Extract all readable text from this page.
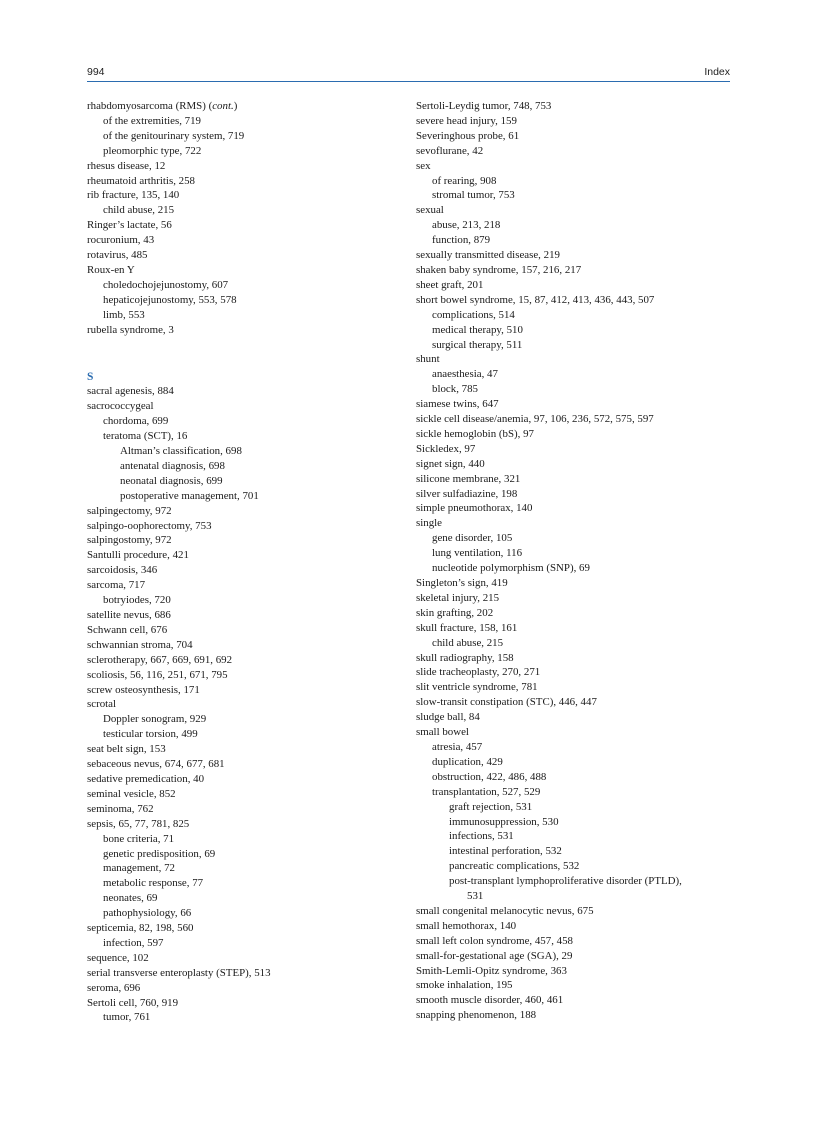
994	Index
rhabdomyosarcoma (RMS) (cont.)
of the extremities, 719
of the genitourinary system, 719
pleomorphic type, 722
rhesus disease, 12
rheumatoid arthritis, 258
rib fracture, 135, 140
child abuse, 215
Ringer’s lactate, 56
rocuronium, 43
rotavirus, 485
Roux-en Y
choledochojejunostomy, 607
hepaticojejunostomy, 553, 578
limb, 553
rubella syndrome, 3
S
sacral agenesis, 884
sacrococcygeal
chordoma, 699
teratoma (SCT), 16
Altman’s classification, 698
antenatal diagnosis, 698
neonatal diagnosis, 699
postoperative management, 701
salpingectomy, 972
salpingo-oophorectomy, 753
salpingostomy, 972
Santulli procedure, 421
sarcoidosis, 346
sarcoma, 717
botryiodes, 720
satellite nevus, 686
Schwann cell, 676
schwannian stroma, 704
sclerotherapy, 667, 669, 691, 692
scoliosis, 56, 116, 251, 671, 795
screw osteosynthesis, 171
scrotal
Doppler sonogram, 929
testicular torsion, 499
seat belt sign, 153
sebaceous nevus, 674, 677, 681
sedative premedication, 40
seminal vesicle, 852
seminoma, 762
sepsis, 65, 77, 781, 825
bone criteria, 71
genetic predisposition, 69
management, 72
metabolic response, 77
neonates, 69
pathophysiology, 66
septicemia, 82, 198, 560
infection, 597
sequence, 102
serial transverse enteroplasty (STEP), 513
seroma, 696
Sertoli cell, 760, 919
tumor, 761
Sertoli-Leydig tumor, 748, 753
severe head injury, 159
Severinghous probe, 61
sevoflurane, 42
sex
of rearing, 908
stromal tumor, 753
sexual
abuse, 213, 218
function, 879
sexually transmitted disease, 219
shaken baby syndrome, 157, 216, 217
sheet graft, 201
short bowel syndrome, 15, 87, 412, 413, 436, 443, 507
complications, 514
medical therapy, 510
surgical therapy, 511
shunt
anaesthesia, 47
block, 785
siamese twins, 647
sickle cell disease/anemia, 97, 106, 236, 572, 575, 597
sickle hemoglobin (bS), 97
Sickledex, 97
signet sign, 440
silicone membrane, 321
silver sulfadiazine, 198
simple pneumothorax, 140
single
gene disorder, 105
lung ventilation, 116
nucleotide polymorphism (SNP), 69
Singleton’s sign, 419
skeletal injury, 215
skin grafting, 202
skull fracture, 158, 161
child abuse, 215
skull radiography, 158
slide tracheoplasty, 270, 271
slit ventricle syndrome, 781
slow-transit constipation (STC), 446, 447
sludge ball, 84
small bowel
atresia, 457
duplication, 429
obstruction, 422, 486, 488
transplantation, 527, 529
graft rejection, 531
immunosuppression, 530
infections, 531
intestinal perforation, 532
pancreatic complications, 532
post-transplant lymphoproliferative disorder (PTLD),
531
small congenital melanocytic nevus, 675
small hemothorax, 140
small left colon syndrome, 457, 458
small-for-gestational age (SGA), 29
Smith-Lemli-Opitz syndrome, 363
smoke inhalation, 195
smooth muscle disorder, 460, 461
snapping phenomenon, 188
